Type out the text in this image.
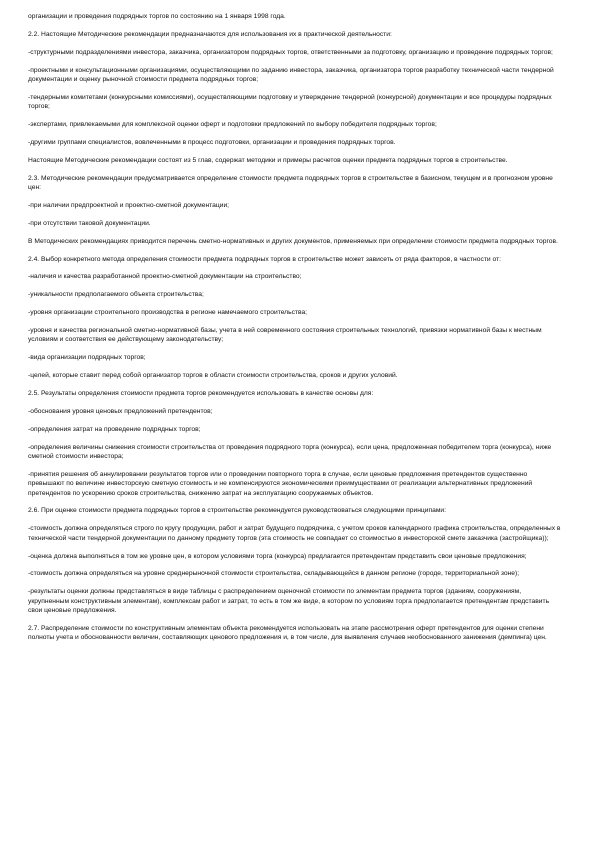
организации и проведения подрядных торгов по состоянию на 1 января 1998 года.

2.2. Настоящие Методические рекомендации предназначаются для использования их в практической деятельности:

-структурными подразделениями инвестора, заказчика, организатором подрядных торгов, ответственными за подготовку, организацию и проведение подрядных торгов;

-проектными и консультационными организациями, осуществляющими по заданию инвестора, заказчика, организатора торгов разработку технической части тендерной документации и оценку рыночной стоимости предмета подрядных торгов;

-тендерными комитетами (конкурсными комиссиями), осуществляющими подготовку и утверждение тендерной (конкурсной) документации и все процедуры подрядных торгов;

-экспертами, привлекаемыми для комплексной оценки оферт и подготовки предложений по выбору победителя подрядных торгов;

-другими группами специалистов, вовлеченными в процесс подготовки, организации и проведения подрядных торгов.

Настоящие Методические рекомендации состоят из 5 глав, содержат методики и примеры расчетов оценки предмета подрядных торгов в строительстве.

2.3. Методические рекомендации предусматривается определение стоимости предмета подрядных торгов в строительстве в базисном, текущем и в прогнозном уровне цен:

-при наличии предпроектной и проектно-сметной документации;

-при отсутствии таковой документации.

В Методических рекомендациях приводится перечень сметно-нормативных и других документов, применяемых при определении стоимости предмета подрядных торгов.

2.4. Выбор конкретного метода определения стоимости предмета подрядных торгов в строительстве может зависеть от ряда факторов, в частности от:

-наличия и качества разработанной проектно-сметной документации на строительство;

-уникальности предполагаемого объекта строительства;

-уровня организации строительного производства в регионе намечаемого строительства;

-уровня и качества региональной сметно-нормативной базы, учета в ней современного состояния строительных технологий, привязки нормативной базы к местным условиям и соответствия ее действующему законодательству;

-вида организации подрядных торгов;

-целей, которые ставит перед собой организатор торгов в области стоимости строительства, сроков и других условий.

2.5. Результаты определения стоимости предмета торгов рекомендуется использовать в качестве основы для:

-обоснования уровня ценовых предложений претендентов;

-определения затрат на проведение подрядных торгов;

-определения величины снижения стоимости строительства от проведения подрядного торга (конкурса), если цена, предложенная победителем торга (конкурса), ниже сметной стоимости инвестора;

-принятия решения об аннулировании результатов торгов или о проведении повторного торга в случае, если ценовые предложения претендентов существенно превышают по величине инвесторскую сметную стоимость и не компенсируются экономическими преимуществами от реализации альтернативных предложений претендентов по ускорению сроков строительства, снижению затрат на эксплуатацию сооружаемых объектов.

2.6. При оценке стоимости предмета подрядных торгов в строительстве рекомендуется руководствоваться следующими принципами:

-стоимость должна определяться строго по кругу продукции, работ и затрат будущего подрядчика, с учетом сроков календарного графика строительства, определенных в технической части тендерной документации по данному предмету торгов (эта стоимость не совпадает со стоимостью в инвесторской смете заказчика (застройщика));

-оценка должна выполняться в том же уровне цен, в котором условиями торга (конкурса) предлагается претендентам представить свои ценовые предложения;

-стоимость должна определяться на уровне среднерыночной стоимости строительства, складывающейся в данном регионе (городе, территориальной зоне);

-результаты оценки должны представляться в виде таблицы с распределением оценочной стоимости по элементам предмета торгов (зданиям, сооружениям, укрупненным конструктивным элементам), комплексам работ и затрат, то есть в том же виде, в котором по условиям торга предполагается претендентам представить свои ценовые предложения.

2.7. Распределение стоимости по конструктивным элементам объекта рекомендуется использовать на этапе рассмотрения оферт претендентов для оценки степени полноты учета и обоснованности величин, составляющих ценового предложения и, в том числе, для выявления случаев необоснованного занижения (демпинга) цен.
